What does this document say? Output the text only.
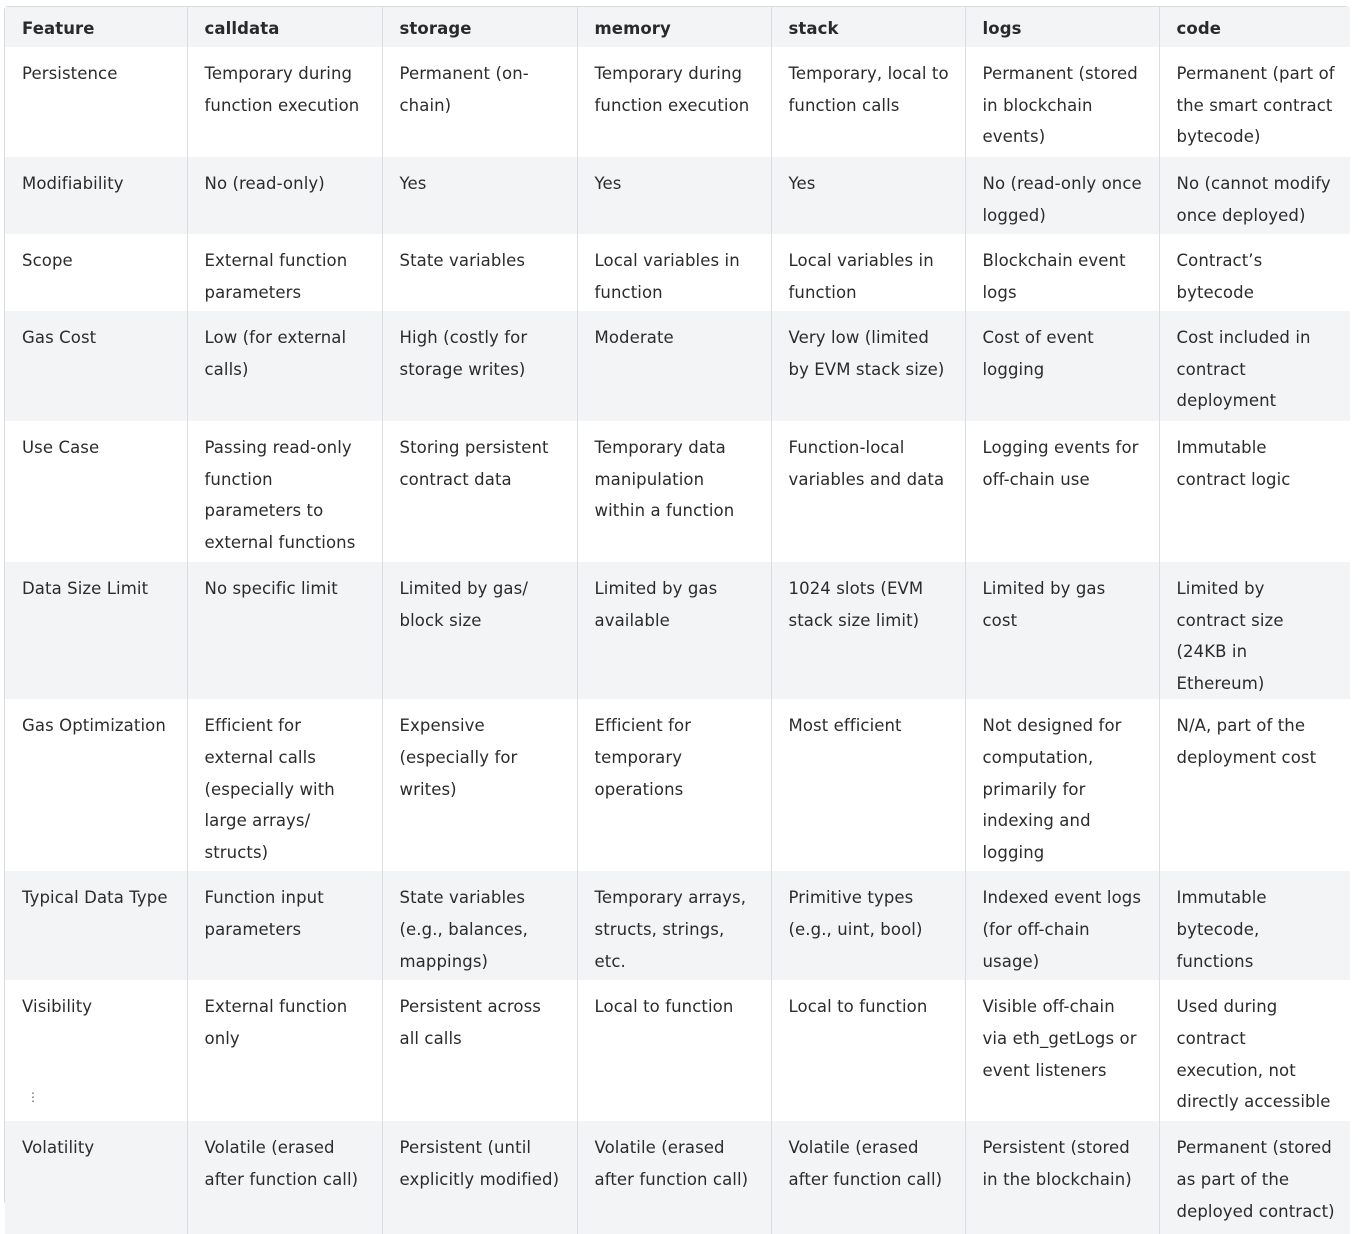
Feature	calldata	storage	memory	stack	logs	code
Persistence	Temporary during function execution	Permanent (on-chain)	Temporary during function execution	Temporary, local to function calls	Permanent (stored in blockchain events)	Permanent (part of the smart contract bytecode)
Modifiability	No (read-only)	Yes	Yes	Yes	No (read-only once logged)	No (cannot modify once deployed)
Scope	External function parameters	State variables	Local variables in function	Local variables in function	Blockchain event logs	Contract’s bytecode
Gas Cost	Low (for external calls)	High (costly for storage writes)	Moderate	Very low (limited by EVM stack size)	Cost of event logging	Cost included in contract deployment
Use Case	Passing read-only function parameters to external functions	Storing persistent contract data	Temporary data manipulation within a function	Function-local variables and data	Logging events for off-chain use	Immutable contract logic
Data Size Limit	No specific limit	Limited by gas/ block size	Limited by gas available	1024 slots (EVM stack size limit)	Limited by gas cost	Limited by contract size (24KB in Ethereum)
Gas Optimization	Efficient for external calls (especially with large arrays/ structs)	Expensive (especially for writes)	Efficient for temporary operations	Most efficient	Not designed for computation, primarily for indexing and logging	N/A, part of the deployment cost
Typical Data Type	Function input parameters	State variables (e.g., balances, mappings)	Temporary arrays, structs, strings, etc.	Primitive types (e.g., uint, bool)	Indexed event logs (for off-chain usage)	Immutable bytecode, functions
Visibility	External function only	Persistent across all calls	Local to function	Local to function	Visible off-chain via eth_getLogs or event listeners	Used during contract execution, not directly accessible
Volatility	Volatile (erased after function call)	Persistent (until explicitly modified)	Volatile (erased after function call)	Volatile (erased after function call)	Persistent (stored in the blockchain)	Permanent (stored as part of the deployed contract)
⋮
